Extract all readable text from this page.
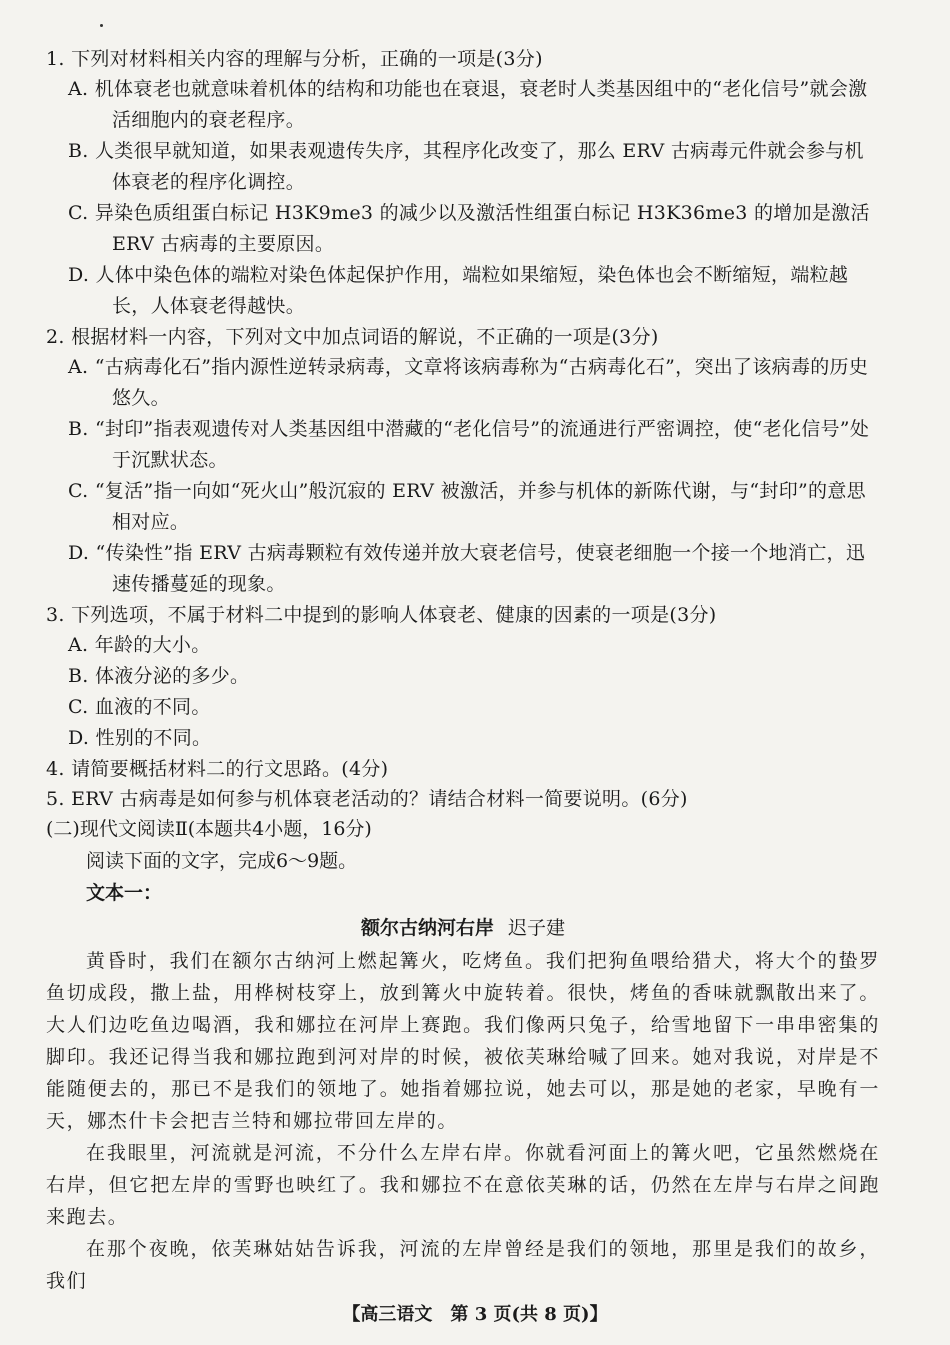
1. 下列对材料相关内容的理解与分析，正确的一项是(3分)

A. 机体衰老也就意味着机体的结构和功能也在衰退，衰老时人类基因组中的“老化信号”就会激活细胞内的衰老程序。

B. 人类很早就知道，如果表观遗传失序，其程序化改变了，那么 ERV 古病毒元件就会参与机体衰老的程序化调控。

C. 异染色质组蛋白标记 H3K9me3 的减少以及激活性组蛋白标记 H3K36me3 的增加是激活 ERV 古病毒的主要原因。

D. 人体中染色体的端粒对染色体起保护作用，端粒如果缩短，染色体也会不断缩短，端粒越长，人体衰老得越快。

2. 根据材料一内容，下列对文中加点词语的解说，不正确的一项是(3分)

A. “古病毒化石”指内源性逆转录病毒，文章将该病毒称为“古病毒化石”，突出了该病毒的历史悠久。

B. “封印”指表观遗传对人类基因组中潜藏的“老化信号”的流通进行严密调控，使“老化信号”处于沉默状态。

C. “复活”指一向如“死火山”般沉寂的 ERV 被激活，并参与机体的新陈代谢，与“封印”的意思相对应。

D. “传染性”指 ERV 古病毒颗粒有效传递并放大衰老信号，使衰老细胞一个接一个地消亡，迅速传播蔓延的现象。

3. 下列选项，不属于材料二中提到的影响人体衰老、健康的因素的一项是(3分)

A. 年龄的大小。

B. 体液分泌的多少。

C. 血液的不同。

D. 性别的不同。

4. 请简要概括材料二的行文思路。(4分)

5. ERV 古病毒是如何参与机体衰老活动的？请结合材料一简要说明。(6分)

(二)现代文阅读Ⅱ(本题共4小题，16分)

阅读下面的文字，完成6～9题。

文本一：

额尔古纳河右岸 迟子建

黄昏时，我们在额尔古纳河上燃起篝火，吃烤鱼。我们把狗鱼喂给猎犬，将大个的蛰罗鱼切成段，撒上盐，用桦树枝穿上，放到篝火中旋转着。很快，烤鱼的香味就飘散出来了。大人们边吃鱼边喝酒，我和娜拉在河岸上赛跑。我们像两只兔子，给雪地留下一串串密集的脚印。我还记得当我和娜拉跑到河对岸的时候，被依芙琳给喊了回来。她对我说，对岸是不能随便去的，那已不是我们的领地了。她指着娜拉说，她去可以，那是她的老家，早晚有一天，娜杰什卡会把吉兰特和娜拉带回左岸的。

在我眼里，河流就是河流，不分什么左岸右岸。你就看河面上的篝火吧，它虽然燃烧在右岸，但它把左岸的雪野也映红了。我和娜拉不在意依芙琳的话，仍然在左岸与右岸之间跑来跑去。

在那个夜晚，依芙琳姑姑告诉我，河流的左岸曾经是我们的领地，那里是我们的故乡，我们

【高三语文　第 3 页(共 8 页)】
